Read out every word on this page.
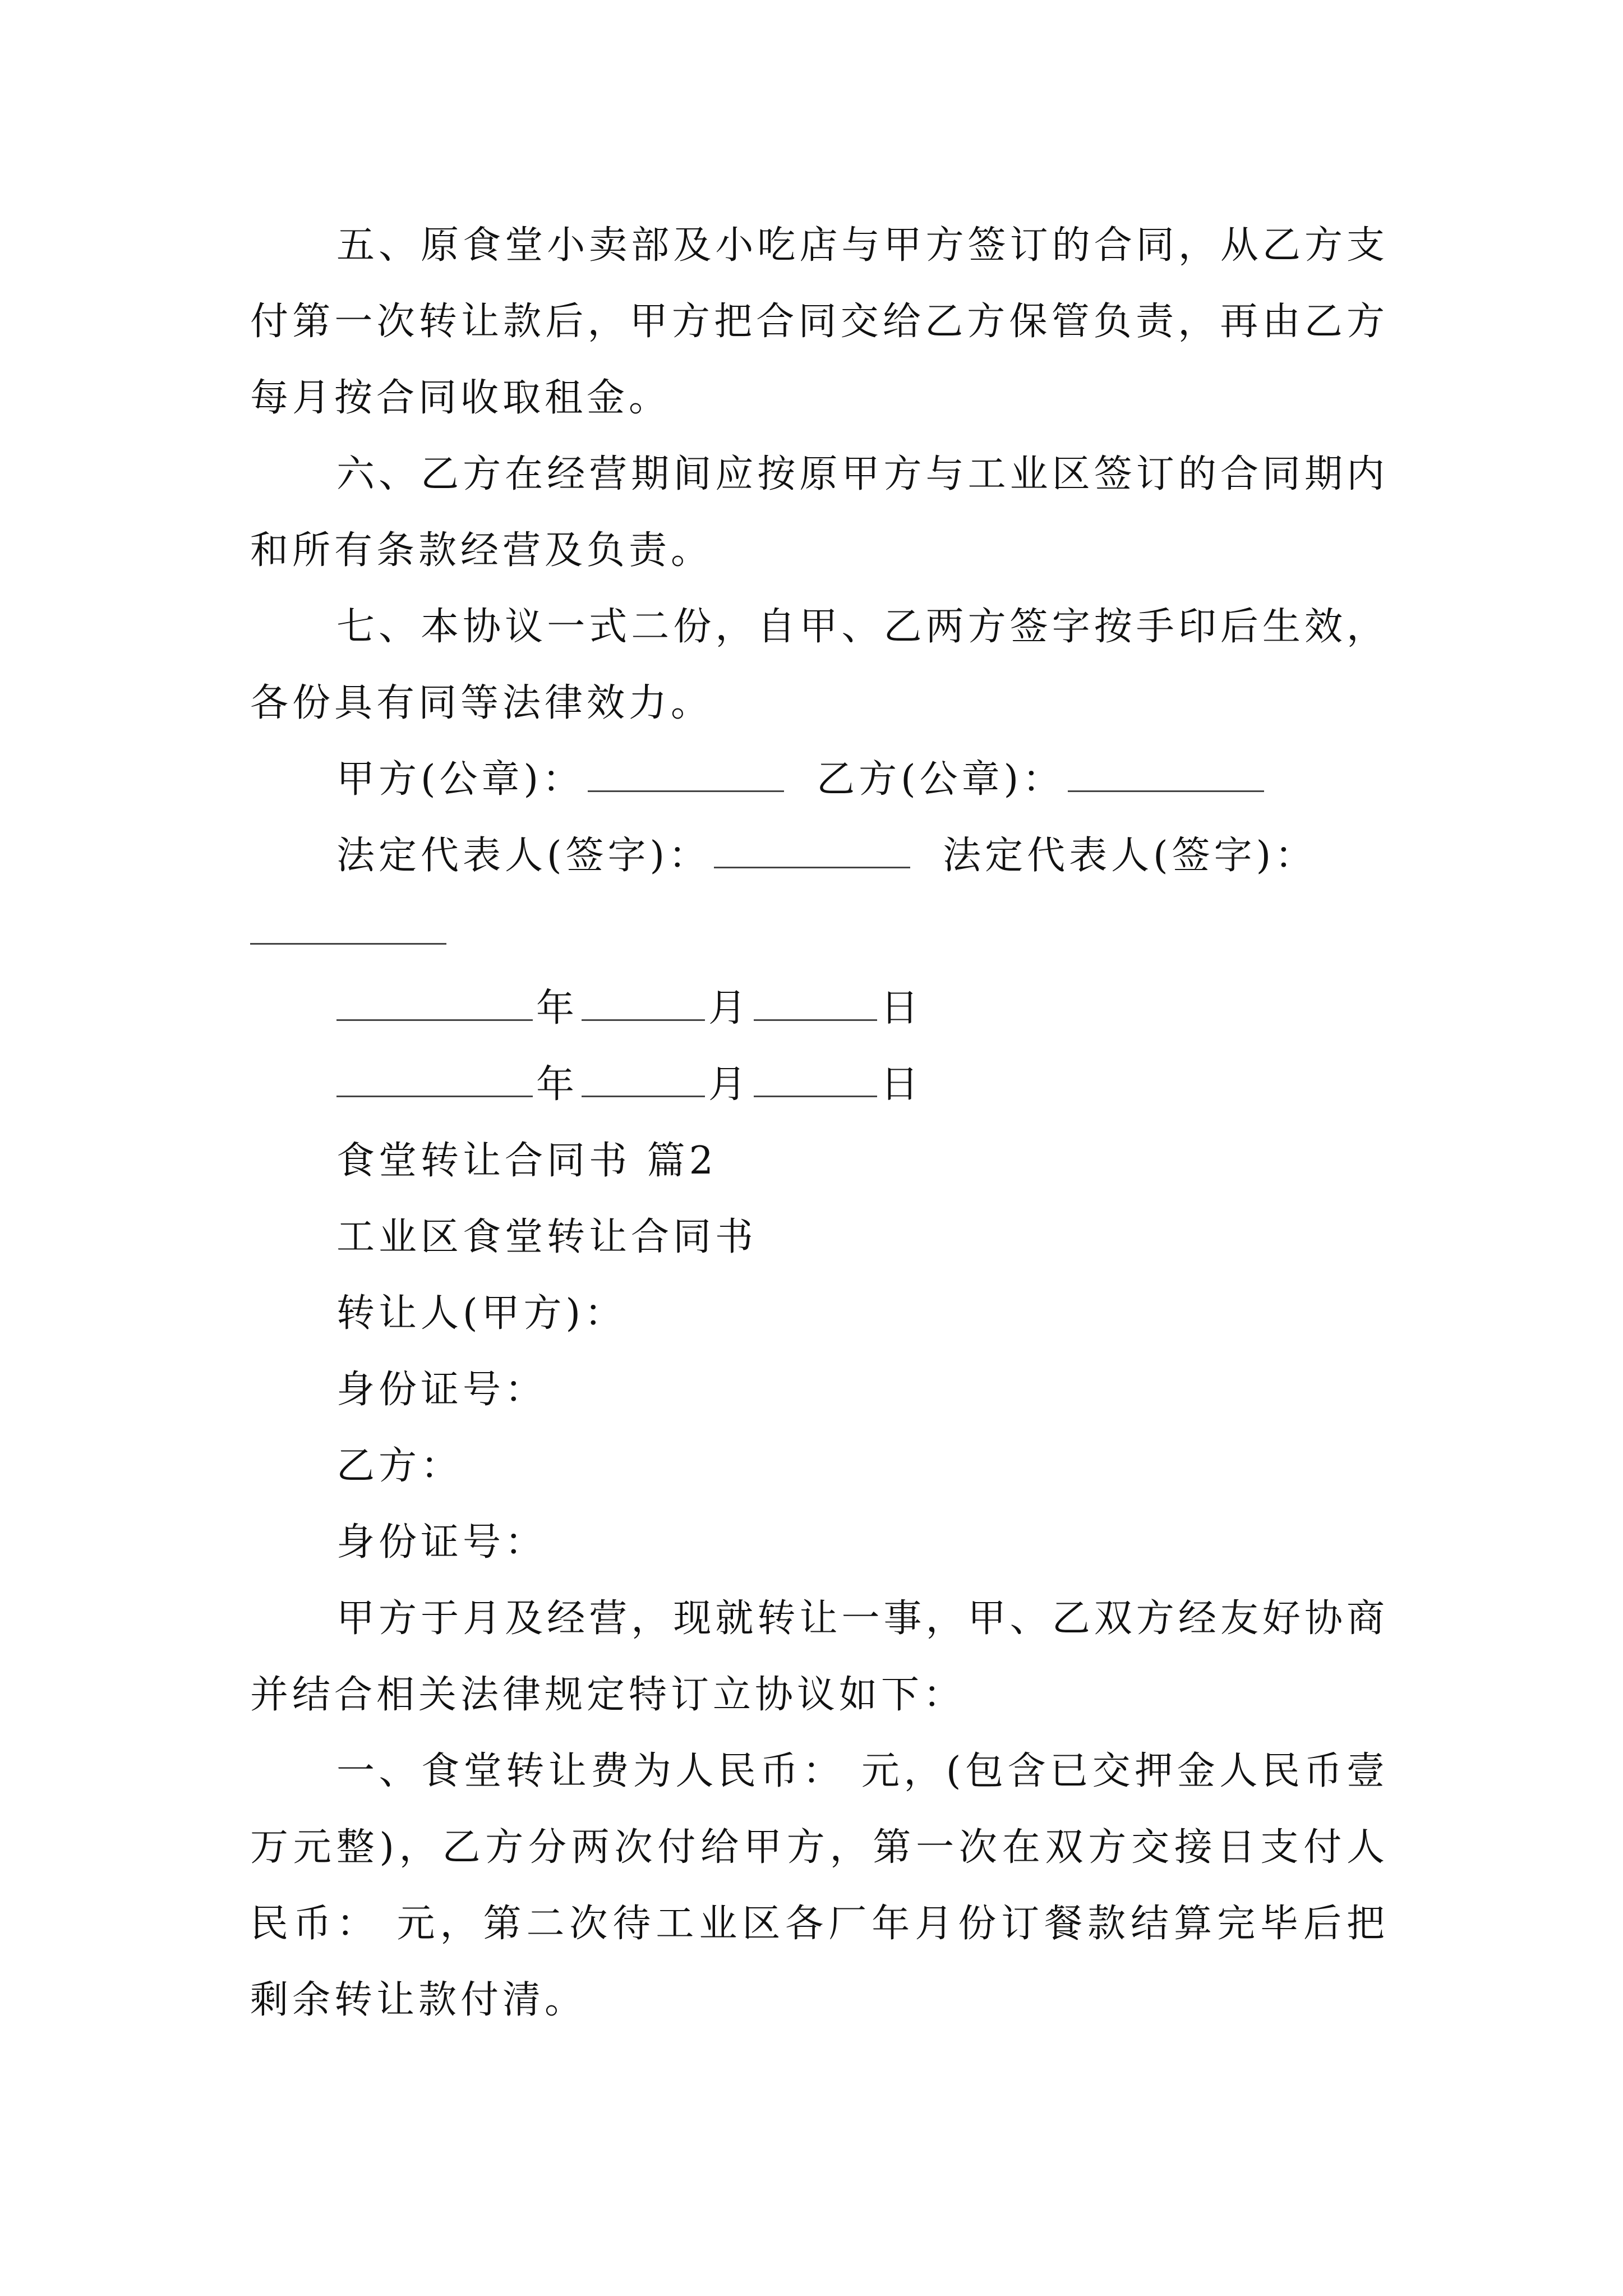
五、原食堂小卖部及小吃店与甲方签订的合同，从乙方支付第一次转让款后，甲方把合同交给乙方保管负责，再由乙方每月按合同收取租金。

六、乙方在经营期间应按原甲方与工业区签订的合同期内和所有条款经营及负责。

七、本协议一式二份，自甲、乙两方签字按手印后生效，各份具有同等法律效力。

甲方(公章)：	乙方(公章)：

法定代表人(签字)：	法定代表人(签字)：

年	月	日

年	月	日

食堂转让合同书 篇2

工业区食堂转让合同书

转让人(甲方)：

身份证号：

乙方：

身份证号：

甲方于月及经营，现就转让一事，甲、乙双方经友好协商并结合相关法律规定特订立协议如下：

一、食堂转让费为人民币： 元，(包含已交押金人民币壹万元整)，乙方分两次付给甲方，第一次在双方交接日支付人民币： 元，第二次待工业区各厂年月份订餐款结算完毕后把剩余转让款付清。
